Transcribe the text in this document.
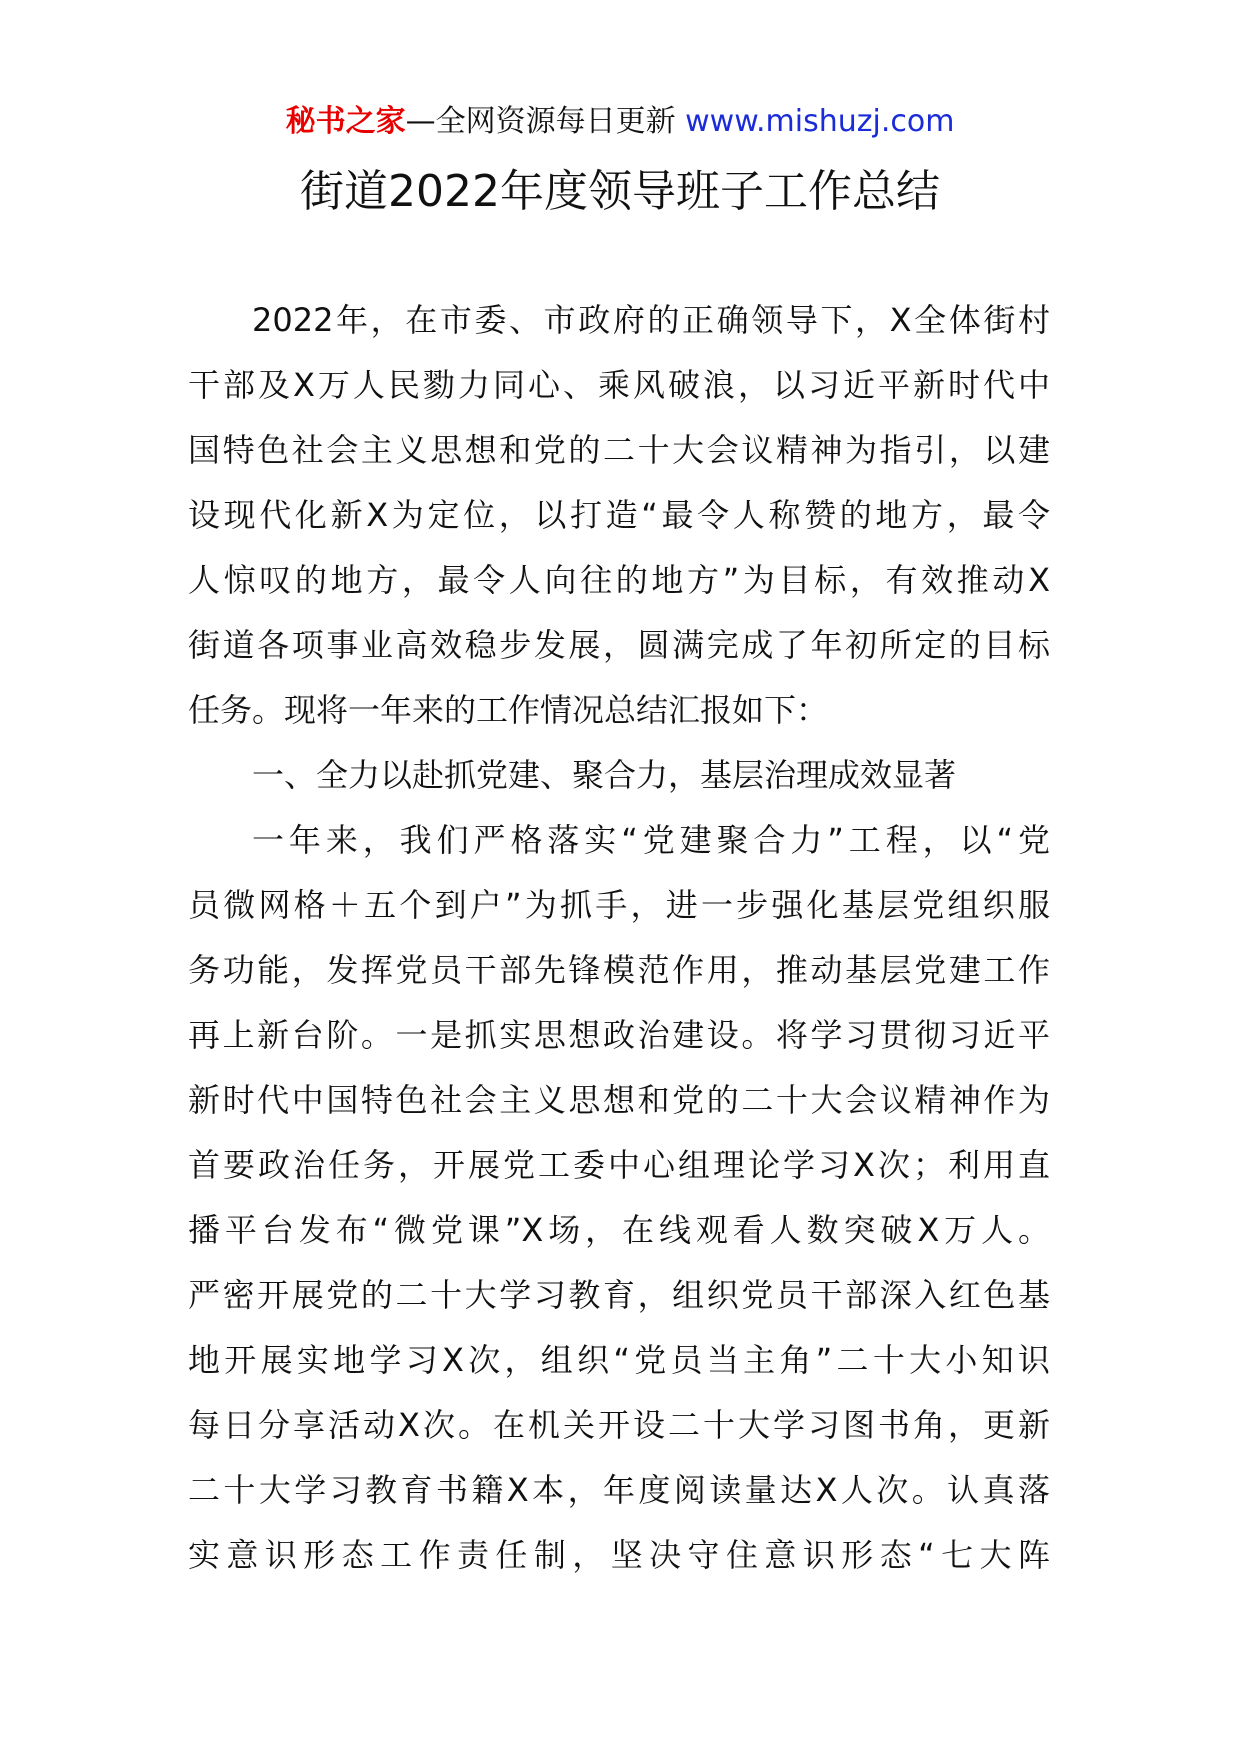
秘书之家—全网资源每日更新 www.mishuzj.com
街道2022年度领导班子工作总结
2022年，在市委、市政府的正确领导下，X全体街村
干部及X万人民勠力同心、乘风破浪，以习近平新时代中
国特色社会主义思想和党的二十大会议精神为指引，以建
设现代化新X为定位，以打造“最令人称赞的地方，最令
人惊叹的地方，最令人向往的地方”为目标，有效推动X
街道各项事业高效稳步发展，圆满完成了年初所定的目标
任务。现将一年来的工作情况总结汇报如下：
一、全力以赴抓党建、聚合力，基层治理成效显著
一年来，我们严格落实“党建聚合力”工程，以“党
员微网格＋五个到户”为抓手，进一步强化基层党组织服
务功能，发挥党员干部先锋模范作用，推动基层党建工作
再上新台阶。一是抓实思想政治建设。将学习贯彻习近平
新时代中国特色社会主义思想和党的二十大会议精神作为
首要政治任务，开展党工委中心组理论学习X次；利用直
播平台发布“微党课”X场，在线观看人数突破X万人。
严密开展党的二十大学习教育，组织党员干部深入红色基
地开展实地学习X次，组织“党员当主角”二十大小知识
每日分享活动X次。在机关开设二十大学习图书角，更新
二十大学习教育书籍X本，年度阅读量达X人次。认真落
实意识形态工作责任制，坚决守住意识形态“七大阵
